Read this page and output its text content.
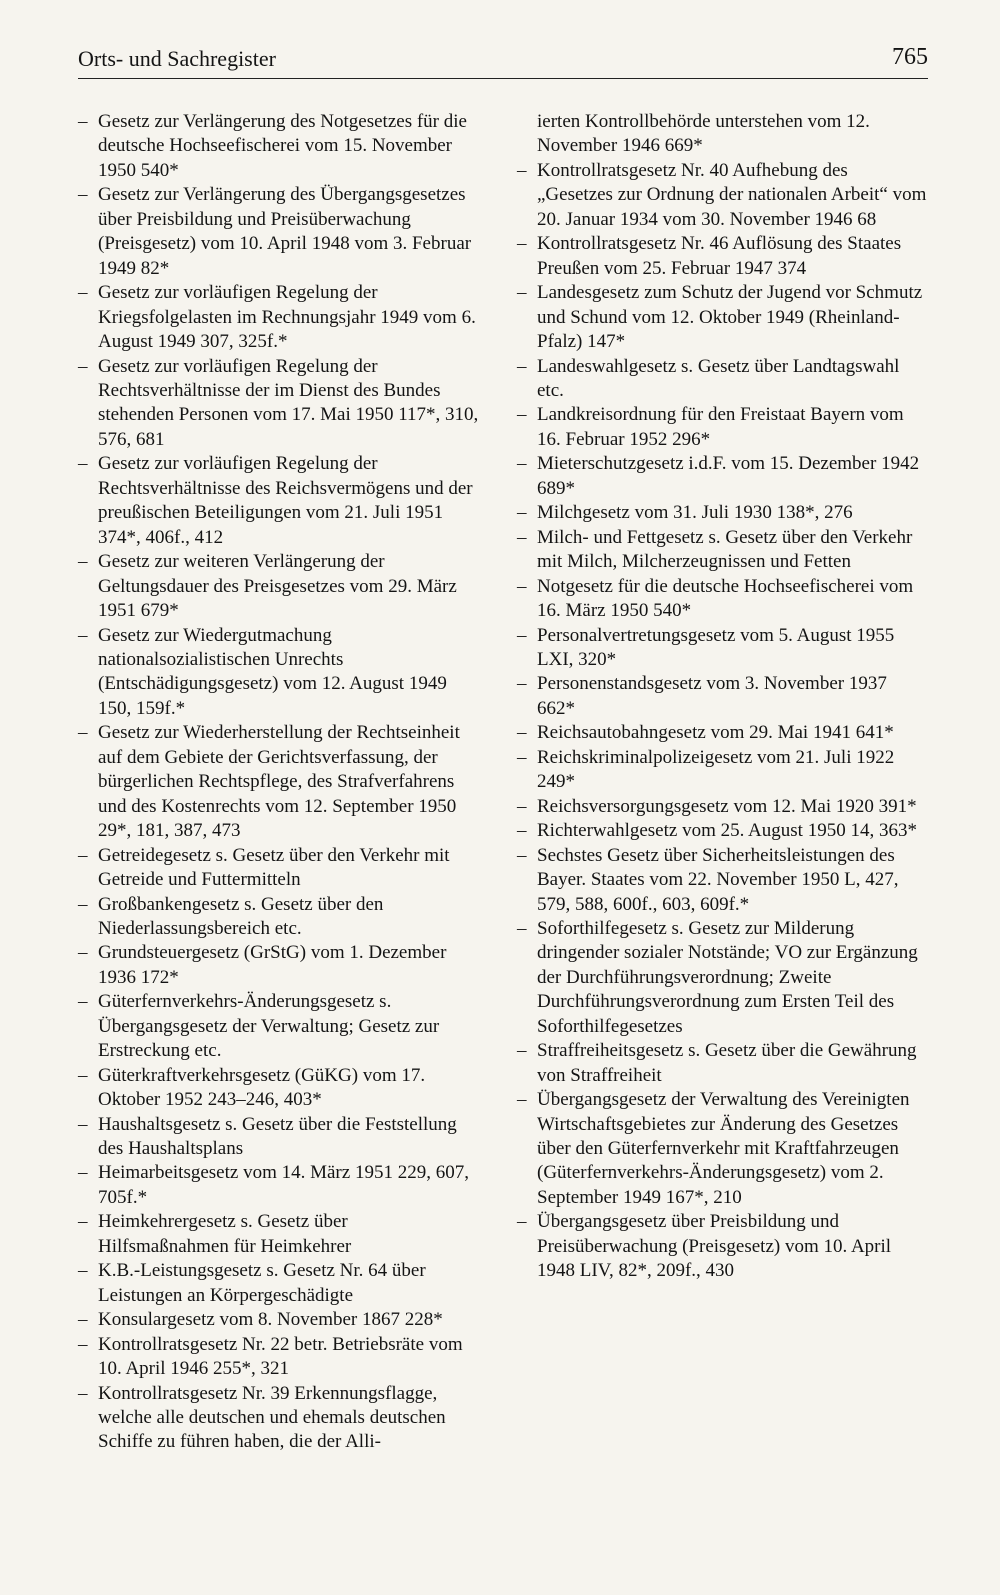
Orts- und Sachregister	765
– Gesetz zur Verlängerung des Notgesetzes für die deutsche Hochseefischerei vom 15. November 1950 540*
– Gesetz zur Verlängerung des Übergangsgesetzes über Preisbildung und Preisüberwachung (Preisgesetz) vom 10. April 1948 vom 3. Februar 1949 82*
– Gesetz zur vorläufigen Regelung der Kriegsfolgelasten im Rechnungsjahr 1949 vom 6. August 1949 307, 325f.*
– Gesetz zur vorläufigen Regelung der Rechtsverhältnisse der im Dienst des Bundes stehenden Personen vom 17. Mai 1950 117*, 310, 576, 681
– Gesetz zur vorläufigen Regelung der Rechtsverhältnisse des Reichsvermögens und der preußischen Beteiligungen vom 21. Juli 1951 374*, 406f., 412
– Gesetz zur weiteren Verlängerung der Geltungsdauer des Preisgesetzes vom 29. März 1951 679*
– Gesetz zur Wiedergutmachung nationalsozialistischen Unrechts (Entschädigungsgesetz) vom 12. August 1949 150, 159f.*
– Gesetz zur Wiederherstellung der Rechtseinheit auf dem Gebiete der Gerichtsverfassung, der bürgerlichen Rechtspflege, des Strafverfahrens und des Kostenrechts vom 12. September 1950 29*, 181, 387, 473
– Getreidegesetz s. Gesetz über den Verkehr mit Getreide und Futtermitteln
– Großbankengesetz s. Gesetz über den Niederlassungsbereich etc.
– Grundsteuergesetz (GrStG) vom 1. Dezember 1936 172*
– Güterfernverkehrs-Änderungsgesetz s. Übergangsgesetz der Verwaltung; Gesetz zur Erstreckung etc.
– Güterkraftverkehrsgesetz (GüKG) vom 17. Oktober 1952 243–246, 403*
– Haushaltsgesetz s. Gesetz über die Feststellung des Haushaltsplans
– Heimarbeitsgesetz vom 14. März 1951 229, 607, 705f.*
– Heimkehrergesetz s. Gesetz über Hilfsmaßnahmen für Heimkehrer
– K.B.-Leistungsgesetz s. Gesetz Nr. 64 über Leistungen an Körpergeschädigte
– Konsulargesetz vom 8. November 1867 228*
– Kontrollratsgesetz Nr. 22 betr. Betriebsräte vom 10. April 1946 255*, 321
– Kontrollratsgesetz Nr. 39 Erkennungsflagge, welche alle deutschen und ehemals deutschen Schiffe zu führen haben, die der Alli-
ierten Kontrollbehörde unterstehen vom 12. November 1946 669*
– Kontrollratsgesetz Nr. 40 Aufhebung des „Gesetzes zur Ordnung der nationalen Arbeit“ vom 20. Januar 1934 vom 30. November 1946 68
– Kontrollratsgesetz Nr. 46 Auflösung des Staates Preußen vom 25. Februar 1947 374
– Landesgesetz zum Schutz der Jugend vor Schmutz und Schund vom 12. Oktober 1949 (Rheinland-Pfalz) 147*
– Landeswahlgesetz s. Gesetz über Landtagswahl etc.
– Landkreisordnung für den Freistaat Bayern vom 16. Februar 1952 296*
– Mieterschutzgesetz i.d.F. vom 15. Dezember 1942 689*
– Milchgesetz vom 31. Juli 1930 138*, 276
– Milch- und Fettgesetz s. Gesetz über den Verkehr mit Milch, Milcherzeugnissen und Fetten
– Notgesetz für die deutsche Hochseefischerei vom 16. März 1950 540*
– Personalvertretungsgesetz vom 5. August 1955 LXI, 320*
– Personenstandsgesetz vom 3. November 1937 662*
– Reichsautobahngesetz vom 29. Mai 1941 641*
– Reichskriminalpolizeigesetz vom 21. Juli 1922 249*
– Reichsversorgungsgesetz vom 12. Mai 1920 391*
– Richterwahlgesetz vom 25. August 1950 14, 363*
– Sechstes Gesetz über Sicherheitsleistungen des Bayer. Staates vom 22. November 1950 L, 427, 579, 588, 600f., 603, 609f.*
– Soforthilfegesetz s. Gesetz zur Milderung dringender sozialer Notstände; VO zur Ergänzung der Durchführungsverordnung; Zweite Durchführungsverordnung zum Ersten Teil des Soforthilfegesetzes
– Straffreiheitsgesetz s. Gesetz über die Gewährung von Straffreiheit
– Übergangsgesetz der Verwaltung des Vereinigten Wirtschaftsgebietes zur Änderung des Gesetzes über den Güterfernverkehr mit Kraftfahrzeugen (Güterfernverkehrs-Änderungsgesetz) vom 2. September 1949 167*, 210
– Übergangsgesetz über Preisbildung und Preisüberwachung (Preisgesetz) vom 10. April 1948 LIV, 82*, 209f., 430
